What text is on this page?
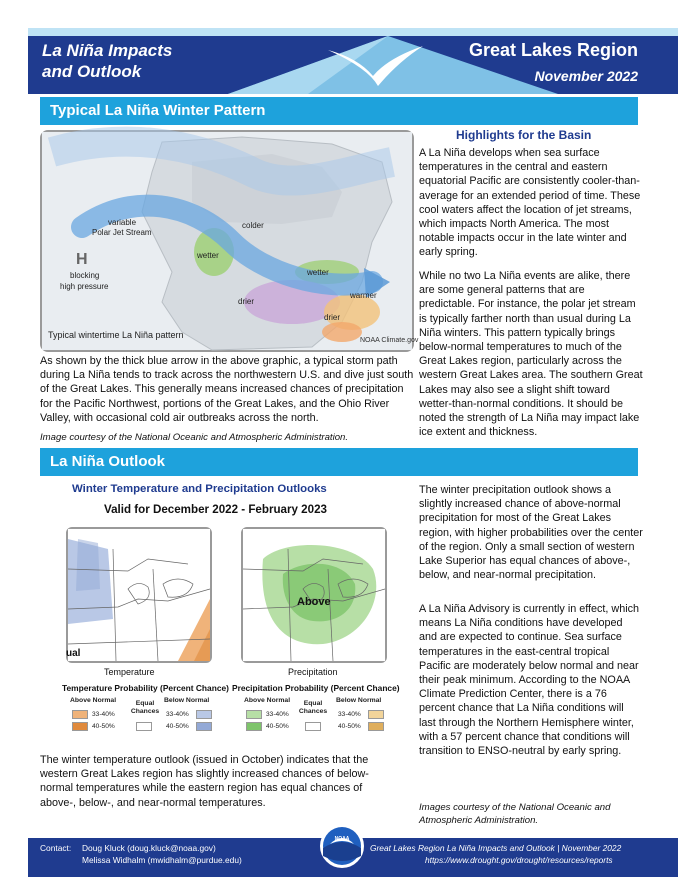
La Niña Impacts
and Outlook
Great Lakes Region
November 2022
Typical La Niña Winter Pattern
variable
Polar Jet Stream
colder
wetter
wetter
warmer
drier
drier
H
blocking
high pressure
Typical wintertime La Niña pattern
NOAA Climate.gov
As shown by the thick blue arrow in the above graphic, a typical storm path during La Niña tends to track across the northwestern U.S. and dive just south of the Great Lakes. This generally means increased chances of precipitation for the Pacific Northwest, portions of the Great Lakes, and the Ohio River Valley, with occasional cold air outbreaks across the north.
Image courtesy of the National Oceanic and Atmospheric Administration.
Highlights for the Basin
A La Niña develops when sea surface temperatures in the central and eastern equatorial Pacific are consistently cooler-than-average for an extended period of time. These cool waters affect the location of jet streams, which impacts North America. The most notable impacts occur in the late winter and early spring.
While no two La Niña events are alike, there are some general patterns that are predictable. For instance, the polar jet stream is typically farther north than usual during La Niña winters. This pattern typically brings below-normal temperatures to much of the Great Lakes region, particularly across the western Great Lakes area. The southern Great Lakes may also see a slight shift toward wetter-than-normal conditions. It should be noted the strength of La Niña may impact lake ice extent and thickness.
La Niña Outlook
Winter Temperature and Precipitation Outlooks
Valid for December 2022 - February 2023
ual
Above
Temperature	Precipitation
Temperature Probability (Percent Chance)
Above Normal	Equal Chances
Below Normal
33-40%
40-50%
33-40%
40-50%
Precipitation Probability (Percent Chance)
Above Normal	Equal Chances
Below Normal
33-40%
40-50%
33-40%
40-50%
The winter temperature outlook (issued in October) indicates that the western Great Lakes region has slightly increased chances of below-normal temperatures while the eastern region has equal chances of above-, below-, and near-normal temperatures.
The winter precipitation outlook shows a slightly increased chance of above-normal precipitation for most of the Great Lakes region, with higher probabilities over the center of the region. Only a small section of western Lake Superior has equal chances of above-, below, and near-normal precipitation.
A La Niña Advisory is currently in effect, which means La Niña conditions have developed and are expected to continue. Sea surface temperatures in the east-central tropical Pacific are moderately below normal and near their peak minimum. According to the NOAA Climate Prediction Center, there is a 76 percent chance that La Niña conditions will last through the Northern Hemisphere winter, with a 57 percent chance that conditions will transition to ENSO-neutral by early spring.
Images courtesy of the National Oceanic and Atmospheric Administration.
Contact: Doug Kluck (doug.kluck@noaa.gov)
Melissa Widhalm (mwidhalm@purdue.edu)
NOAA
Great Lakes Region La Niña Impacts and Outlook | November 2022
https://www.drought.gov/drought/resources/reports
